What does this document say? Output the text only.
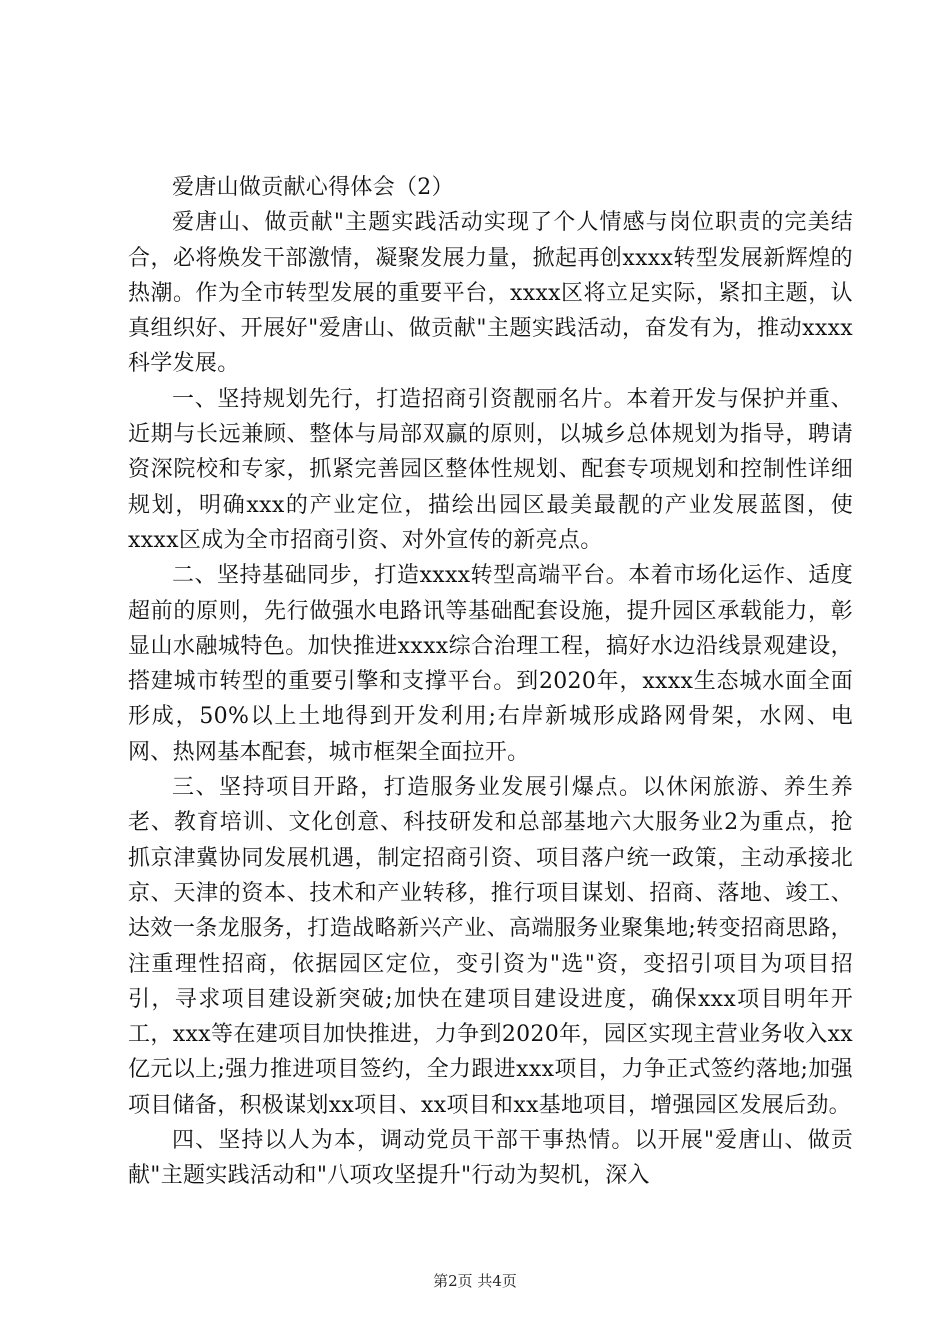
爱唐山做贡献心得体会（2）

爱唐山、做贡献"主题实践活动实现了个人情感与岗位职责的完美结合，必将焕发干部激情，凝聚发展力量，掀起再创xxxx转型发展新辉煌的热潮。作为全市转型发展的重要平台，xxxx区将立足实际，紧扣主题，认真组织好、开展好"爱唐山、做贡献"主题实践活动，奋发有为，推动xxxx科学发展。

一、坚持规划先行，打造招商引资靓丽名片。本着开发与保护并重、近期与长远兼顾、整体与局部双赢的原则，以城乡总体规划为指导，聘请资深院校和专家，抓紧完善园区整体性规划、配套专项规划和控制性详细规划，明确xxx的产业定位，描绘出园区最美最靓的产业发展蓝图，使xxxx区成为全市招商引资、对外宣传的新亮点。

二、坚持基础同步，打造xxxx转型高端平台。本着市场化运作、适度超前的原则，先行做强水电路讯等基础配套设施，提升园区承载能力，彰显山水融城特色。加快推进xxxx综合治理工程，搞好水边沿线景观建设，搭建城市转型的重要引擎和支撑平台。到2020年，xxxx生态城水面全面形成，50%以上土地得到开发利用;右岸新城形成路网骨架，水网、电网、热网基本配套，城市框架全面拉开。

三、坚持项目开路，打造服务业发展引爆点。以休闲旅游、养生养老、教育培训、文化创意、科技研发和总部基地六大服务业2为重点，抢抓京津冀协同发展机遇，制定招商引资、项目落户统一政策，主动承接北京、天津的资本、技术和产业转移，推行项目谋划、招商、落地、竣工、达效一条龙服务，打造战略新兴产业、高端服务业聚集地;转变招商思路，注重理性招商，依据园区定位，变引资为"选"资，变招引项目为项目招引，寻求项目建设新突破;加快在建项目建设进度，确保xxx项目明年开工，xxx等在建项目加快推进，力争到2020年，园区实现主营业务收入xx亿元以上;强力推进项目签约，全力跟进xxx项目，力争正式签约落地;加强项目储备，积极谋划xx项目、xx项目和xx基地项目，增强园区发展后劲。

四、坚持以人为本，调动党员干部干事热情。以开展"爱唐山、做贡献"主题实践活动和"八项攻坚提升"行动为契机，深入

第2页 共4页
